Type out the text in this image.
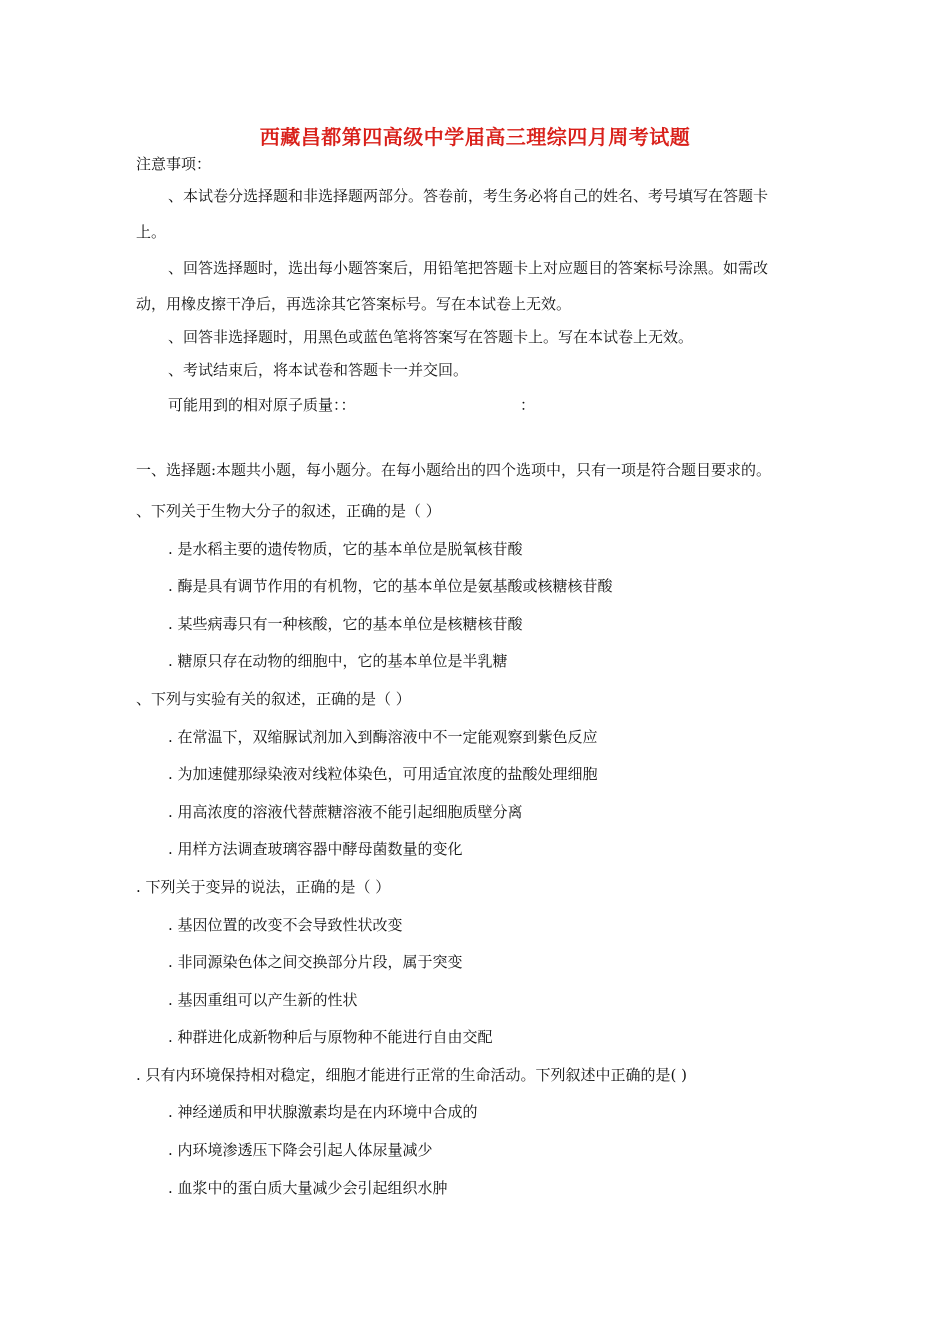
西藏昌都第四高级中学届高三理综四月周考试题
注意事项：
、本试卷分选择题和非选择题两部分。答卷前，考生务必将自己的姓名、考号填写在答题卡
上。
、回答选择题时，选出每小题答案后，用铅笔把答题卡上对应题目的答案标号涂黑。如需改
动，用橡皮擦干净后，再选涂其它答案标号。写在本试卷上无效。
、回答非选择题时，用黑色或蓝色笔将答案写在答题卡上。写在本试卷上无效。
、考试结束后，将本试卷和答题卡一并交回。
可能用到的相对原子质量：：	：
一、选择题:本题共小题，每小题分。在每小题给出的四个选项中，只有一项是符合题目要求的。
、下列关于生物大分子的叙述，正确的是（ ）
. 是水稻主要的遗传物质，它的基本单位是脱氧核苷酸
. 酶是具有调节作用的有机物，它的基本单位是氨基酸或核糖核苷酸
. 某些病毒只有一种核酸，它的基本单位是核糖核苷酸
. 糖原只存在动物的细胞中，它的基本单位是半乳糖
、下列与实验有关的叙述，正确的是（ ）
. 在常温下，双缩脲试剂加入到酶溶液中不一定能观察到紫色反应
. 为加速健那绿染液对线粒体染色，可用适宜浓度的盐酸处理细胞
. 用高浓度的溶液代替蔗糖溶液不能引起细胞质壁分离
. 用样方法调查玻璃容器中酵母菌数量的变化
. 下列关于变异的说法，正确的是（ ）
. 基因位置的改变不会导致性状改变
. 非同源染色体之间交换部分片段，属于突变
. 基因重组可以产生新的性状
. 种群进化成新物种后与原物种不能进行自由交配
. 只有内环境保持相对稳定，细胞才能进行正常的生命活动。下列叙述中正确的是( )
. 神经递质和甲状腺激素均是在内环境中合成的
. 内环境渗透压下降会引起人体尿量减少
. 血浆中的蛋白质大量减少会引起组织水肿
